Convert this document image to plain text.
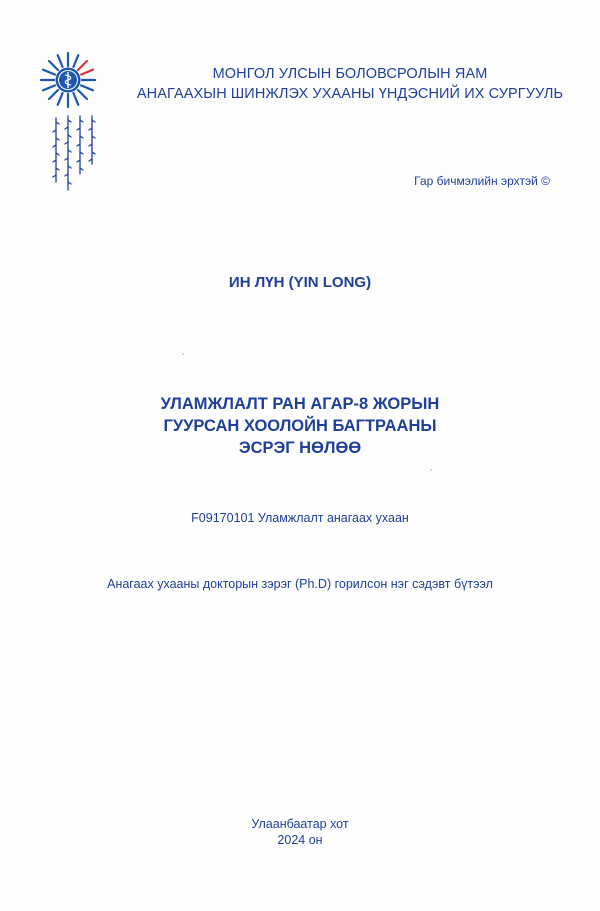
МОНГОЛ УЛСЫН БОЛОВСРОЛЫН ЯАМ
АНАГААХЫН ШИНЖЛЭХ УХААНЫ ҮНДЭСНИЙ ИХ СУРГУУЛЬ
Гар бичмэлийн эрхтэй ©
ИН ЛҮН (YIN LONG)
УЛАМЖЛАЛТ РАН АГАР-8 ЖОРЫН
ГУУРСАН ХООЛОЙН БАГТРААНЫ
ЭСРЭГ НӨЛӨӨ
F09170101 Уламжлалт анагаах ухаан
Анагаах ухааны докторын зэрэг (Ph.D) горилсон нэг сэдэвт бүтээл
Улаанбаатар хот
2024 он
